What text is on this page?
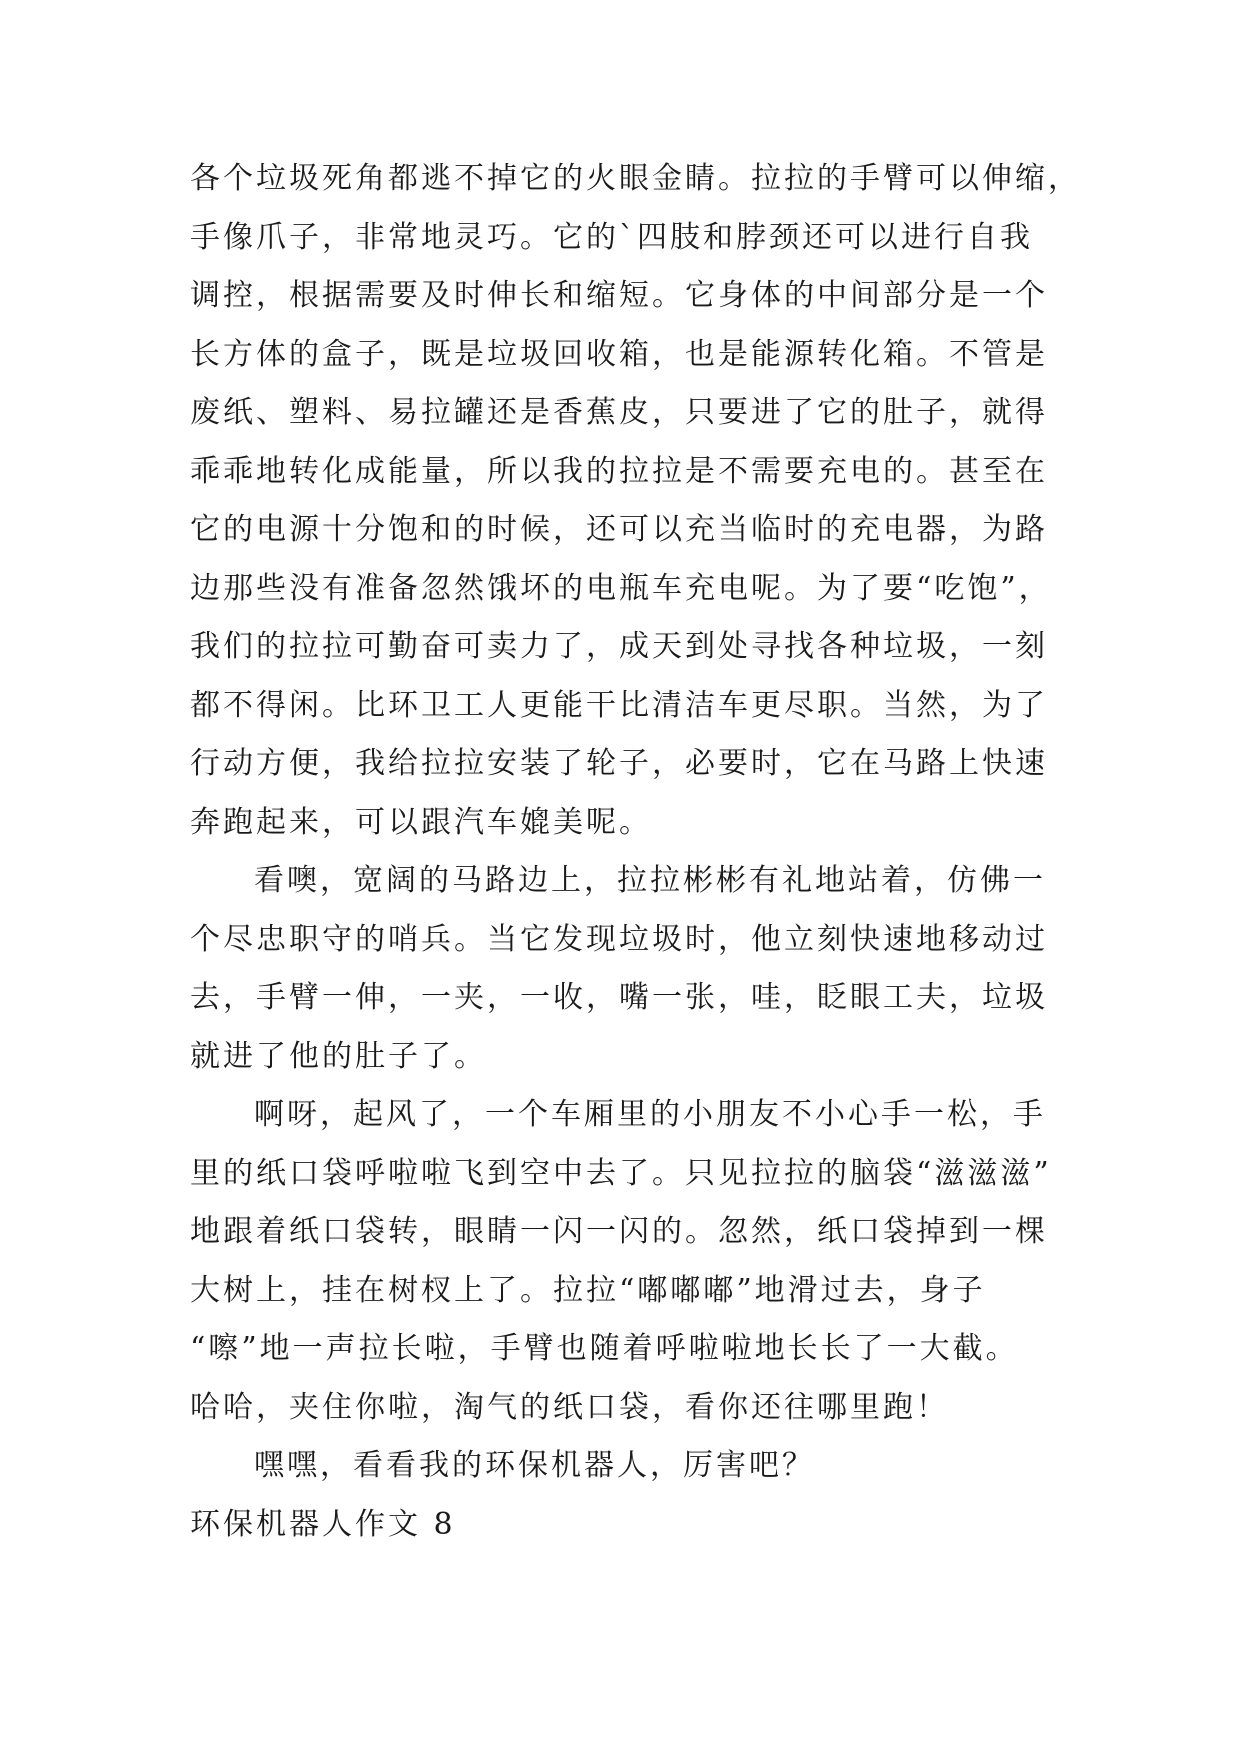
各个垃圾死角都逃不掉它的火眼金睛。拉拉的手臂可以伸缩，
手像爪子，非常地灵巧。它的`四肢和脖颈还可以进行自我
调控，根据需要及时伸长和缩短。它身体的中间部分是一个
长方体的盒子，既是垃圾回收箱，也是能源转化箱。不管是
废纸、塑料、易拉罐还是香蕉皮，只要进了它的肚子，就得
乖乖地转化成能量，所以我的拉拉是不需要充电的。甚至在
它的电源十分饱和的时候，还可以充当临时的充电器，为路
边那些没有准备忽然饿坏的电瓶车充电呢。为了要“吃饱”，
我们的拉拉可勤奋可卖力了，成天到处寻找各种垃圾，一刻
都不得闲。比环卫工人更能干比清洁车更尽职。当然，为了
行动方便，我给拉拉安装了轮子，必要时，它在马路上快速
奔跑起来，可以跟汽车媲美呢。
看噢，宽阔的马路边上，拉拉彬彬有礼地站着，仿佛一
个尽忠职守的哨兵。当它发现垃圾时，他立刻快速地移动过
去，手臂一伸，一夹，一收，嘴一张，哇，眨眼工夫，垃圾
就进了他的肚子了。
啊呀，起风了，一个车厢里的小朋友不小心手一松，手
里的纸口袋呼啦啦飞到空中去了。只见拉拉的脑袋“滋滋滋”
地跟着纸口袋转，眼睛一闪一闪的。忽然，纸口袋掉到一棵
大树上，挂在树杈上了。拉拉“嘟嘟嘟”地滑过去，身子
“嚓”地一声拉长啦，手臂也随着呼啦啦地长长了一大截。
哈哈，夹住你啦，淘气的纸口袋，看你还往哪里跑！
嘿嘿，看看我的环保机器人，厉害吧？
环保机器人作文 8
